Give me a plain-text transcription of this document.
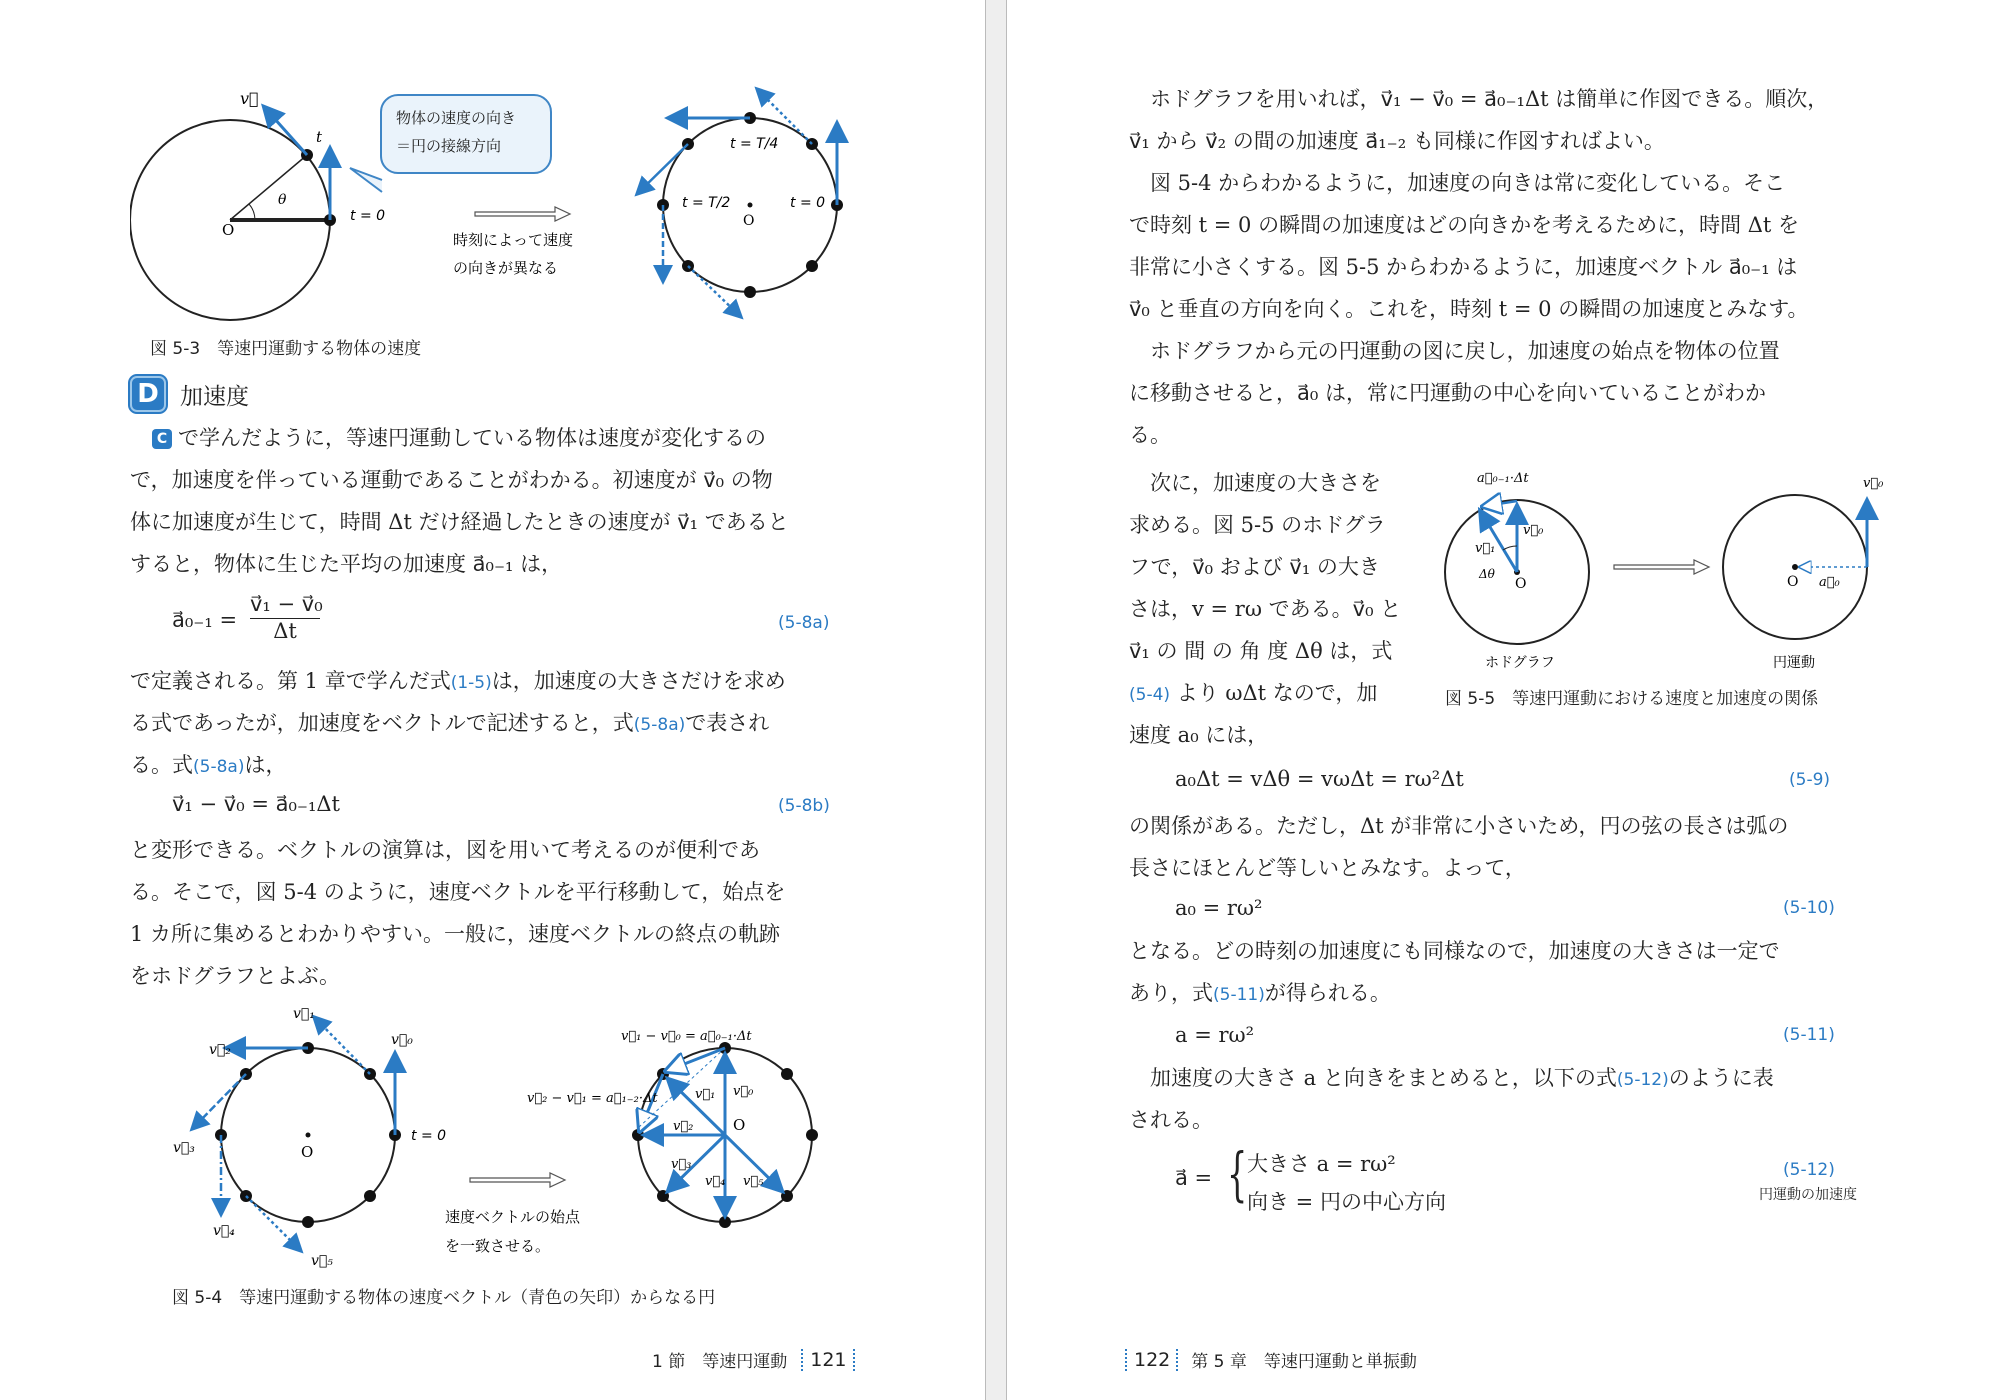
v⃗
t
θ
O
t = 0
時刻によって速度
の向きが異なる
t = T/4
t = T/2	t = 0
O
物体の速度の向き
＝円の接線方向
図 5-3　等速円運動する物体の速度
D 加速度
C で学んだように，等速円運動している物体は速度が変化するの
で，加速度を伴っている運動であることがわかる。初速度が v⃗₀ の物
体に加速度が生じて，時間 Δt だけ経過したときの速度が v⃗₁ であると
すると，物体に生じた平均の加速度 a⃗₀₋₁ は，
a⃗₀₋₁ = $\frac{\text{v⃗₁ − v⃗₀}}{\Delta t}$	(5-8a)
で定義される。第 1 章で学んだ式(1-5)は，加速度の大きさだけを求め
る式であったが，加速度をベクトルで記述すると，式(5-8a)で表され
る。式(5-8a)は，
v⃗₁ − v⃗₀ = a⃗₀₋₁Δt	(5-8b)
と変形できる。ベクトルの演算は，図を用いて考えるのが便利であ
る。そこで，図 5-4 のように，速度ベクトルを平行移動して，始点を
1 カ所に集めるとわかりやすい。一般に，速度ベクトルの終点の軌跡
をホドグラフとよぶ。
O
v⃗₀
v⃗₁
v⃗₂
v⃗₃
v⃗₄
v⃗₅
t = 0
速度ベクトルの始点
を一致させる。
v⃗₀
v⃗₁
v⃗₂
v⃗₃
v⃗₄ v⃗₅
O
v⃗₁ − v⃗₀ = a⃗₀₋₁·Δt
v⃗₂ − v⃗₁ = a⃗₁₋₂·Δt
図 5-4　等速円運動する物体の速度ベクトル（青色の矢印）からなる円
1 節　等速円運動	121
　ホドグラフを用いれば，v⃗₁ − v⃗₀ = a⃗₀₋₁Δt は簡単に作図できる。順次，
v⃗₁ から v⃗₂ の間の加速度 a⃗₁₋₂ も同様に作図すればよい。
　図 5-4 からわかるように，加速度の向きは常に変化している。そこ
で時刻 t = 0 の瞬間の加速度はどの向きかを考えるために，時間 Δt を
非常に小さくする。図 5-5 からわかるように，加速度ベクトル a⃗₀₋₁ は
v⃗₀ と垂直の方向を向く。これを，時刻 t = 0 の瞬間の加速度とみなす。
　ホドグラフから元の円運動の図に戻し，加速度の始点を物体の位置
に移動させると，a⃗₀ は，常に円運動の中心を向いていることがわか
る。
　次に，加速度の大きさを
求める。図 5-5 のホドグラ
フで，v⃗₀ および v⃗₁ の大き
さは，v = rω である。v⃗₀ と
v⃗₁ の 間 の 角 度 Δθ は，式
(5-4) より ωΔt なので，加
速度 a₀ には，
a⃗₀₋₁·Δt
v⃗₀
v⃗₁
Δθ
O
ホドグラフ
v⃗₀
O a⃗₀
円運動
図 5-5　等速円運動における速度と加速度の関係
a₀Δt = vΔθ = vωΔt = rω²Δt	(5-9)
の関係がある。ただし，Δt が非常に小さいため，円の弦の長さは弧の
長さにほとんど等しいとみなす。よって，
a₀ = rω²	(5-10)
となる。どの時刻の加速度にも同様なので，加速度の大きさは一定で
あり，式(5-11)が得られる。
a = rω²	(5-11)
　加速度の大きさ a と向きをまとめると，以下の式(5-12)のように表
される。
a⃗ = { 大きさ a = rω²
向き = 円の中心方向
(5-12)
円運動の加速度
122	第 5 章　等速円運動と単振動
